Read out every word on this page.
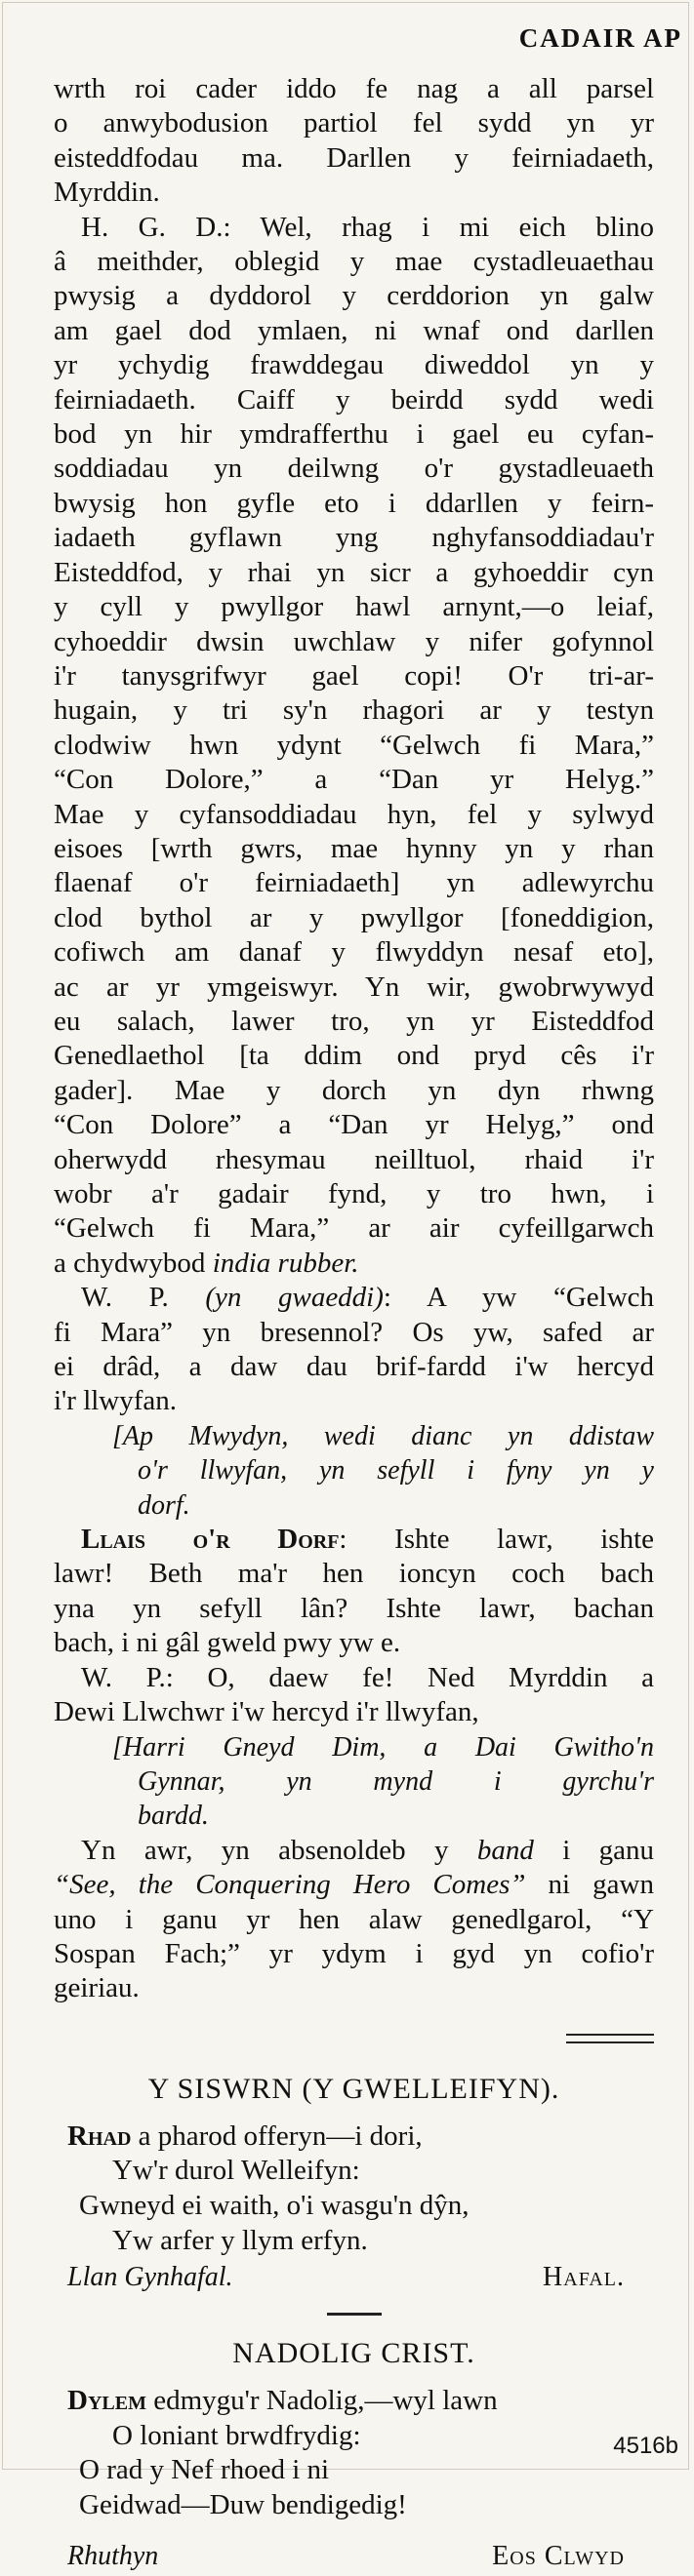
CADAIR AP
wrth roi cader iddo fe nag a all parsel
o anwybodusion partiol fel sydd yn yr
eisteddfodau ma. Darllen y feirniadaeth,
Myrddin.
H. G. D.: Wel, rhag i mi eich blino
â meithder, oblegid y mae cystadleuaethau
pwysig a dyddorol y cerddorion yn galw
am gael dod ymlaen, ni wnaf ond darllen
yr ychydig frawddegau diweddol yn y
feirniadaeth. Caiff y beirdd sydd wedi
bod yn hir ymdrafferthu i gael eu cyfan-
soddiadau yn deilwng o'r gystadleuaeth
bwysig hon gyfle eto i ddarllen y feirn-
iadaeth gyflawn yng nghyfansoddiadau'r
Eisteddfod, y rhai yn sicr a gyhoeddir cyn
y cyll y pwyllgor hawl arnynt,—o leiaf,
cyhoeddir dwsin uwchlaw y nifer gofynnol
i'r tanysgrifwyr gael copi! O'r tri-ar-
hugain, y tri sy'n rhagori ar y testyn
clodwiw hwn ydynt “Gelwch fi Mara,”
“Con Dolore,” a “Dan yr Helyg.”
Mae y cyfansoddiadau hyn, fel y sylwyd
eisoes [wrth gwrs, mae hynny yn y rhan
flaenaf o'r feirniadaeth] yn adlewyrchu
clod bythol ar y pwyllgor [foneddigion,
cofiwch am danaf y flwyddyn nesaf eto],
ac ar yr ymgeiswyr. Yn wir, gwobrwywyd
eu salach, lawer tro, yn yr Eisteddfod
Genedlaethol [ta ddim ond pryd cês i'r
gader]. Mae y dorch yn dyn rhwng
“Con Dolore” a “Dan yr Helyg,” ond
oherwydd rhesymau neilltuol, rhaid i'r
wobr a'r gadair fynd, y tro hwn, i
“Gelwch fi Mara,” ar air cyfeillgarwch
a chydwybod india rubber.
W. P. (yn gwaeddi): A yw “Gelwch
fi Mara” yn bresennol? Os yw, safed ar
ei drâd, a daw dau brif-fardd i'w hercyd
i'r llwyfan.
[Ap Mwydyn, wedi dianc yn ddistaw
o'r llwyfan, yn sefyll i fyny yn y
dorf.
Llais o'r Dorf: Ishte lawr, ishte
lawr! Beth ma'r hen ioncyn coch bach
yna yn sefyll lân? Ishte lawr, bachan
bach, i ni gâl gweld pwy yw e.
W. P.: O, daew fe! Ned Myrddin a
Dewi Llwchwr i'w hercyd i'r llwyfan,
[Harri Gneyd Dim, a Dai Gwitho'n
Gynnar, yn mynd i gyrchu'r
bardd.
Yn awr, yn absenoldeb y band i ganu
“See, the Conquering Hero Comes” ni gawn
uno i ganu yr hen alaw genedlgarol, “Y
Sospan Fach;” yr ydym i gyd yn cofio'r
geiriau.
Y SISWRN (Y GWELLEIFYN).
Rhad a pharod offeryn—i dori,
Yw'r durol Welleifyn:
Gwneyd ei waith, o'i wasgu'n dŷn,
Yw arfer y llym erfyn.
Llan Gynhafal.	Hafal.
NADOLIG CRIST.
Dylem edmygu'r Nadolig,—wyl lawn
O loniant brwdfrydig:
O rad y Nef rhoed i ni
Geidwad—Duw bendigedig!
Rhuthyn	Eos Clwyd
4516b
